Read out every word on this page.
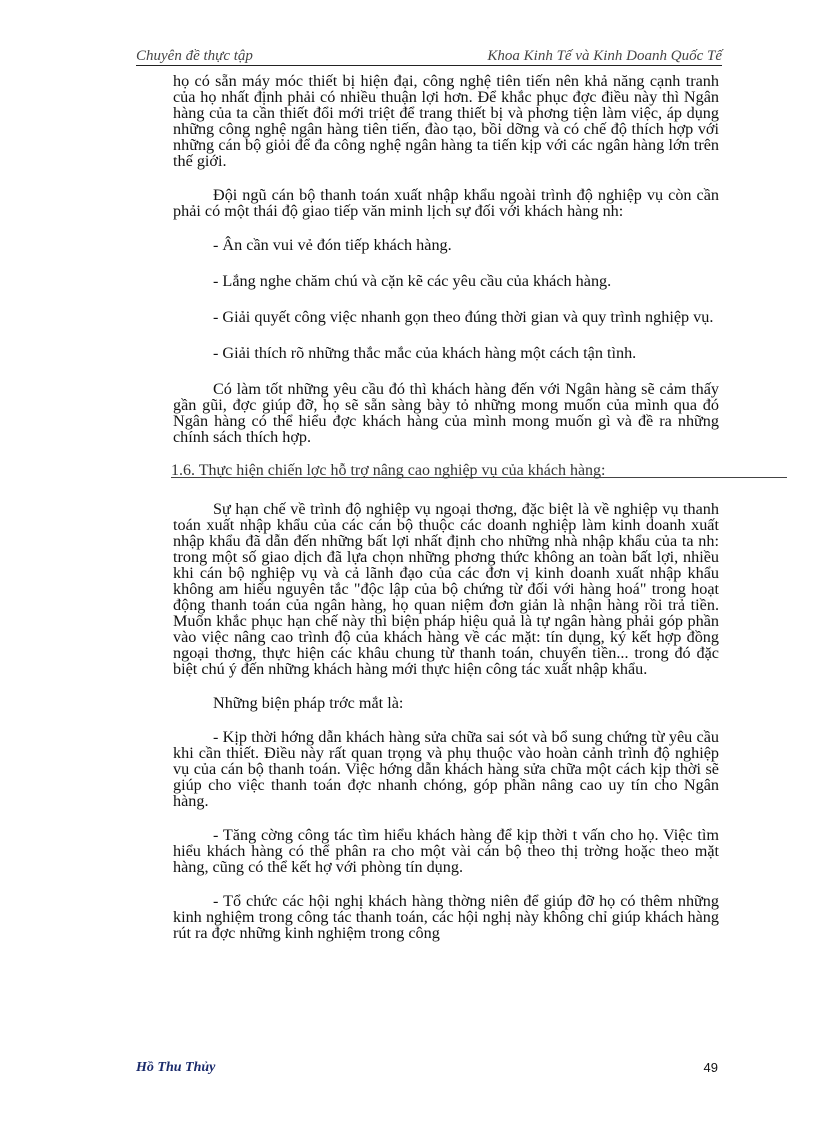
Chuyên đề thực tập	Khoa Kinh Tế và Kinh Doanh Quốc Tế

họ có sẵn máy móc thiết bị hiện đại, công nghệ tiên tiến nên khả năng cạnh tranh của họ nhất định phải có nhiều thuận lợi hơn. Để khắc phục đợc điều này thì Ngân hàng của ta cần thiết đổi mới triệt để trang thiết bị và phơng tiện làm việc, áp dụng những công nghệ ngân hàng tiên tiến, đào tạo, bồi dỡng và có chế độ thích hợp với những cán bộ giỏi để đa công nghệ ngân hàng ta tiến kịp với các ngân hàng lớn trên thế giới.

Đội ngũ cán bộ thanh toán xuất nhập khẩu ngoài trình độ nghiệp vụ còn cần phải có một thái độ giao tiếp văn minh lịch sự đối với khách hàng nh:

- Ân cần vui vẻ đón tiếp khách hàng.

- Lắng nghe chăm chú và cặn kẽ các yêu cầu của khách hàng.

- Giải quyết công việc nhanh gọn theo đúng thời gian và quy trình nghiệp vụ.

- Giải thích rõ những thắc mắc của khách hàng một cách tận tình.

Có làm tốt những yêu cầu đó thì khách hàng đến với Ngân hàng sẽ cảm thấy gần gũi, đợc giúp đỡ, họ sẽ sẵn sàng bày tỏ những mong muốn của mình qua đó Ngân hàng có thể hiểu đợc khách hàng của mình mong muốn gì và đề ra những chính sách thích hợp.

1.6. Thực hiện chiến lợc hỗ trợ nâng cao nghiệp vụ của khách hàng:

Sự hạn chế về trình độ nghiệp vụ ngoại thơng, đặc biệt là về nghiệp vụ thanh toán xuất nhập khẩu của các cán bộ thuộc các doanh nghiệp làm kinh doanh xuất nhập khẩu đã dẫn đến những bất lợi nhất định cho những nhà nhập khẩu của ta nh: trong một số giao dịch đã lựa chọn những phơng thức không an toàn bất lợi, nhiều khi cán bộ nghiệp vụ và cả lãnh đạo của các đơn vị kinh doanh xuất nhập khẩu không am hiểu nguyên tắc "độc lập của bộ chứng từ đối với hàng hoá" trong hoạt động thanh toán của ngân hàng, họ quan niệm đơn giản là nhận hàng rồi trả tiền. Muốn khắc phục hạn chế này thì biện pháp hiệu quả là tự ngân hàng phải góp phần vào việc nâng cao trình độ của khách hàng về các mặt: tín dụng, ký kết hợp đồng ngoại thơng, thực hiện các khâu chung từ thanh toán, chuyển tiền... trong đó đặc biệt chú ý đến những khách hàng mới thực hiện công tác xuất nhập khẩu.

Những biện pháp trớc mắt là:

- Kịp thời hớng dẫn khách hàng sửa chữa sai sót và bổ sung chứng từ yêu cầu khi cần thiết. Điều này rất quan trọng và phụ thuộc vào hoàn cảnh trình độ nghiệp vụ của cán bộ thanh toán. Việc hớng dẫn khách hàng sửa chữa một cách kịp thời sẽ giúp cho việc thanh toán đợc nhanh chóng, góp phần nâng cao uy tín cho Ngân hàng.

- Tăng cờng công tác tìm hiểu khách hàng để kịp thời t vấn cho họ. Việc tìm hiểu khách hàng có thể phân ra cho một vài cán bộ theo thị trờng hoặc theo mặt hàng, cũng có thể kết hợ với phòng tín dụng.

- Tổ chức các hội nghị khách hàng thờng niên để giúp đỡ họ có thêm những kinh nghiệm trong công tác thanh toán, các hội nghị này không chỉ giúp khách hàng rút ra đợc những kinh nghiệm trong công

Hồ Thu Thủy	49
